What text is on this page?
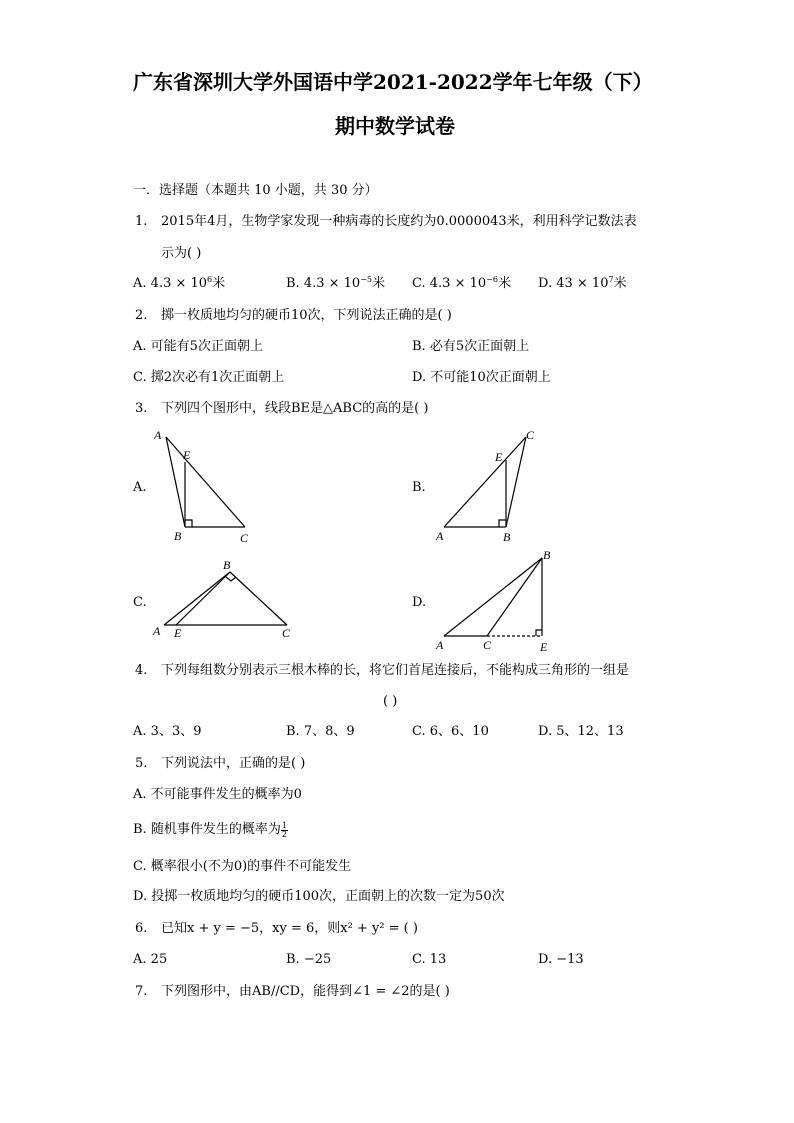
广东省深圳大学外国语中学2021-2022学年七年级（下）
期中数学试卷
一．选择题（本题共 10 小题，共 30 分）
1. 2015年4月，生物学家发现一种病毒的长度约为0.0000043米，利用科学记数法表
示为( )
A. $4.3 \times 10^6$米	B. $4.3 \times 10^{-5}$米 C. $4.3 \times 10^{-6}$米 D. $43 \times 10^7$米
2. 掷一枚质地均匀的硬币10次，下列说法正确的是( )
A. 可能有5次正面朝上	B. 必有5次正面朝上
C. 掷2次必有1次正面朝上	D. 不可能10次正面朝上
3. 下列四个图形中，线段BE是△ABC的高的是( )
A.	B.
C.	D.
A
E
B	C
C
E
A	B
B
A E	C
B
A	C	E
4. 下列每组数分别表示三根木棒的长，将它们首尾连接后，不能构成三角形的一组是
( )
A. 3、3、9	B. 7、8、9	C. 6、6、10	D. 5、12、13
5. 下列说法中，正确的是( )
A. 不可能事件发生的概率为0
B. 随机事件发生的概率为 $\frac{1}{2}$
C. 概率很小(不为0)的事件不可能发生
D. 投掷一枚质地均匀的硬币100次，正面朝上的次数一定为50次
6. 已知x + y = −5，xy = 6，则x² + y² = ( )
A. 25	B. −25	C. 13	D. −13
7. 下列图形中，由AB//CD，能得到∠1 = ∠2的是( )
